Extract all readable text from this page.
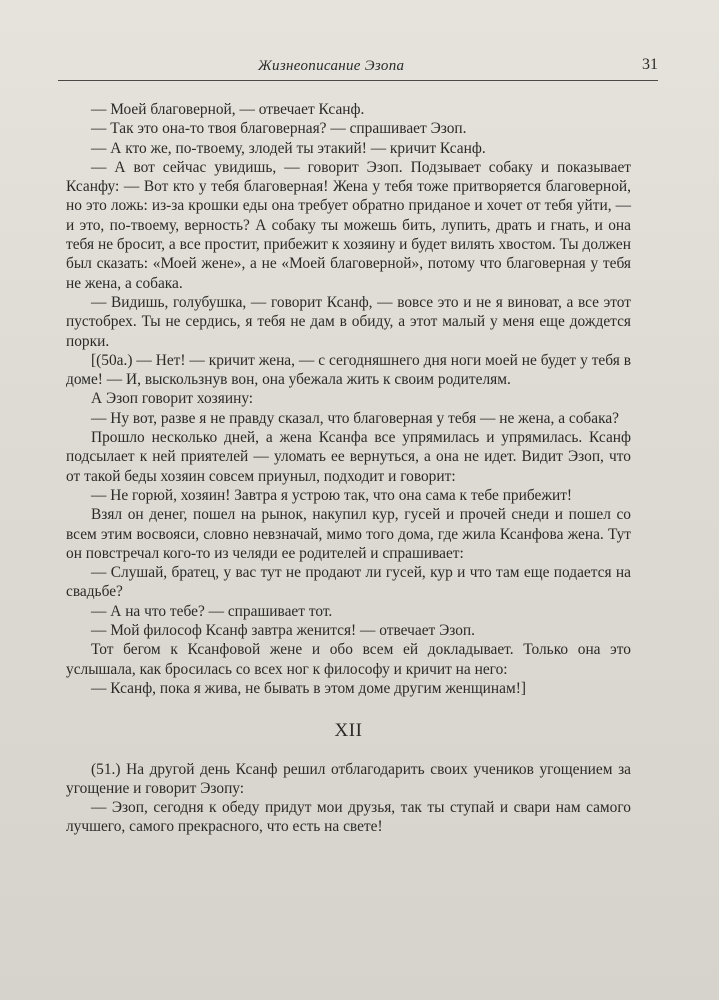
Жизнеописание Эзопа	31

— Моей благоверной, — отвечает Ксанф.

— Так это она-то твоя благоверная? — спрашивает Эзоп.

— А кто же, по-твоему, злодей ты этакий! — кричит Ксанф.

— А вот сейчас увидишь, — говорит Эзоп. Подзывает собаку и показывает Ксанфу: — Вот кто у тебя благоверная! Жена у тебя тоже притворяется благоверной, но это ложь: из-за крошки еды она требует обратно приданое и хочет от тебя уйти, — и это, по-твоему, верность? А собаку ты можешь бить, лупить, драть и гнать, и она тебя не бросит, а все простит, прибежит к хозяину и будет вилять хвостом. Ты должен был сказать: «Моей жене», а не «Моей благоверной», потому что благоверная у тебя не жена, а собака.

— Видишь, голубушка, — говорит Ксанф, — вовсе это и не я виноват, а все этот пустобрех. Ты не сердись, я тебя не дам в обиду, а этот малый у меня еще дождется порки.

[(50а.) — Нет! — кричит жена, — с сегодняшнего дня ноги моей не будет у тебя в доме! — И, выскользнув вон, она убежала жить к своим родителям.

А Эзоп говорит хозяину:

— Ну вот, разве я не правду сказал, что благоверная у тебя — не жена, а собака?

Прошло несколько дней, а жена Ксанфа все упрямилась и упрямилась. Ксанф подсылает к ней приятелей — уломать ее вернуться, а она не идет. Видит Эзоп, что от такой беды хозяин совсем приуныл, подходит и говорит:

— Не горюй, хозяин! Завтра я устрою так, что она сама к тебе прибежит!

Взял он денег, пошел на рынок, накупил кур, гусей и прочей снеди и пошел со всем этим восвояси, словно невзначай, мимо того дома, где жила Ксанфова жена. Тут он повстречал кого-то из челяди ее родителей и спрашивает:

— Слушай, братец, у вас тут не продают ли гусей, кур и что там еще подается на свадьбе?

— А на что тебе? — спрашивает тот.

— Мой философ Ксанф завтра женится! — отвечает Эзоп.

Тот бегом к Ксанфовой жене и обо всем ей докладывает. Только она это услышала, как бросилась со всех ног к философу и кричит на него:

— Ксанф, пока я жива, не бывать в этом доме другим женщинам!]

XII

(51.) На другой день Ксанф решил отблагодарить своих учеников угощением за угощение и говорит Эзопу:

— Эзоп, сегодня к обеду придут мои друзья, так ты ступай и свари нам самого лучшего, самого прекрасного, что есть на свете!
